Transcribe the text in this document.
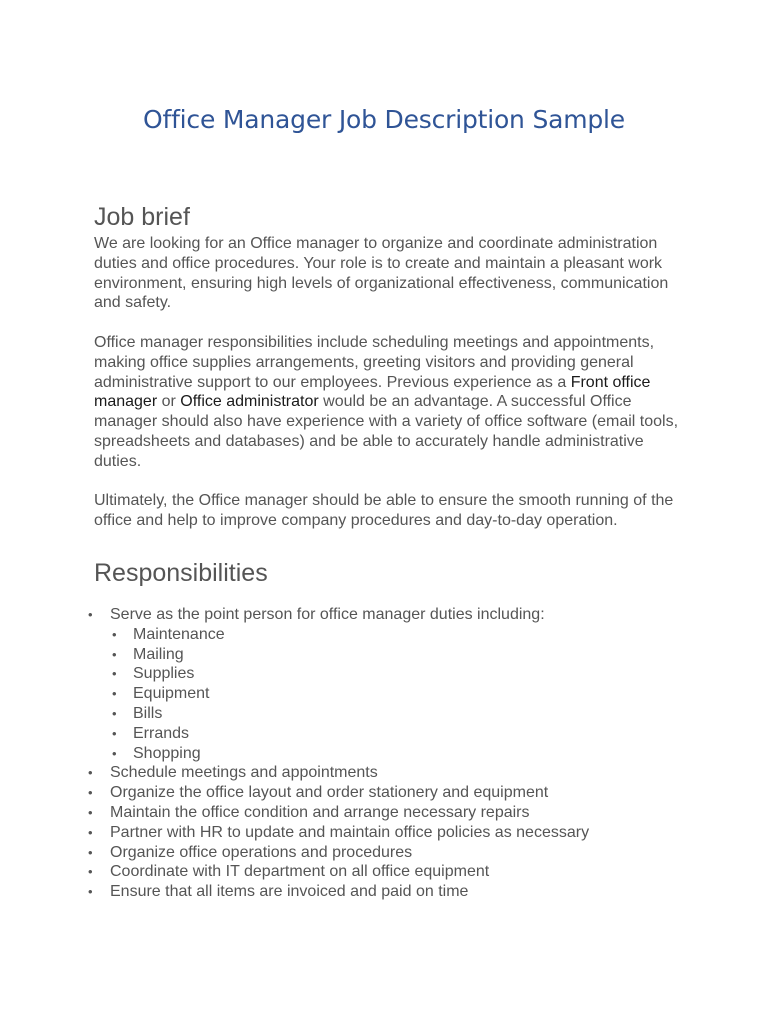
Office Manager Job Description Sample
Job brief

We are looking for an Office manager to organize and coordinate administration duties and office procedures. Your role is to create and maintain a pleasant work environment, ensuring high levels of organizational effectiveness, communication and safety.

Office manager responsibilities include scheduling meetings and appointments, making office supplies arrangements, greeting visitors and providing general administrative support to our employees. Previous experience as a Front office manager or Office administrator would be an advantage. A successful Office manager should also have experience with a variety of office software (email tools, spreadsheets and databases) and be able to accurately handle administrative duties.

Ultimately, the Office manager should be able to ensure the smooth running of the office and help to improve company procedures and day-to-day operation.

Responsibilities
• Serve as the point person for office manager duties including:
• Maintenance
• Mailing
• Supplies
• Equipment
• Bills
• Errands
• Shopping
• Schedule meetings and appointments
• Organize the office layout and order stationery and equipment
• Maintain the office condition and arrange necessary repairs
• Partner with HR to update and maintain office policies as necessary
• Organize office operations and procedures
• Coordinate with IT department on all office equipment
• Ensure that all items are invoiced and paid on time
